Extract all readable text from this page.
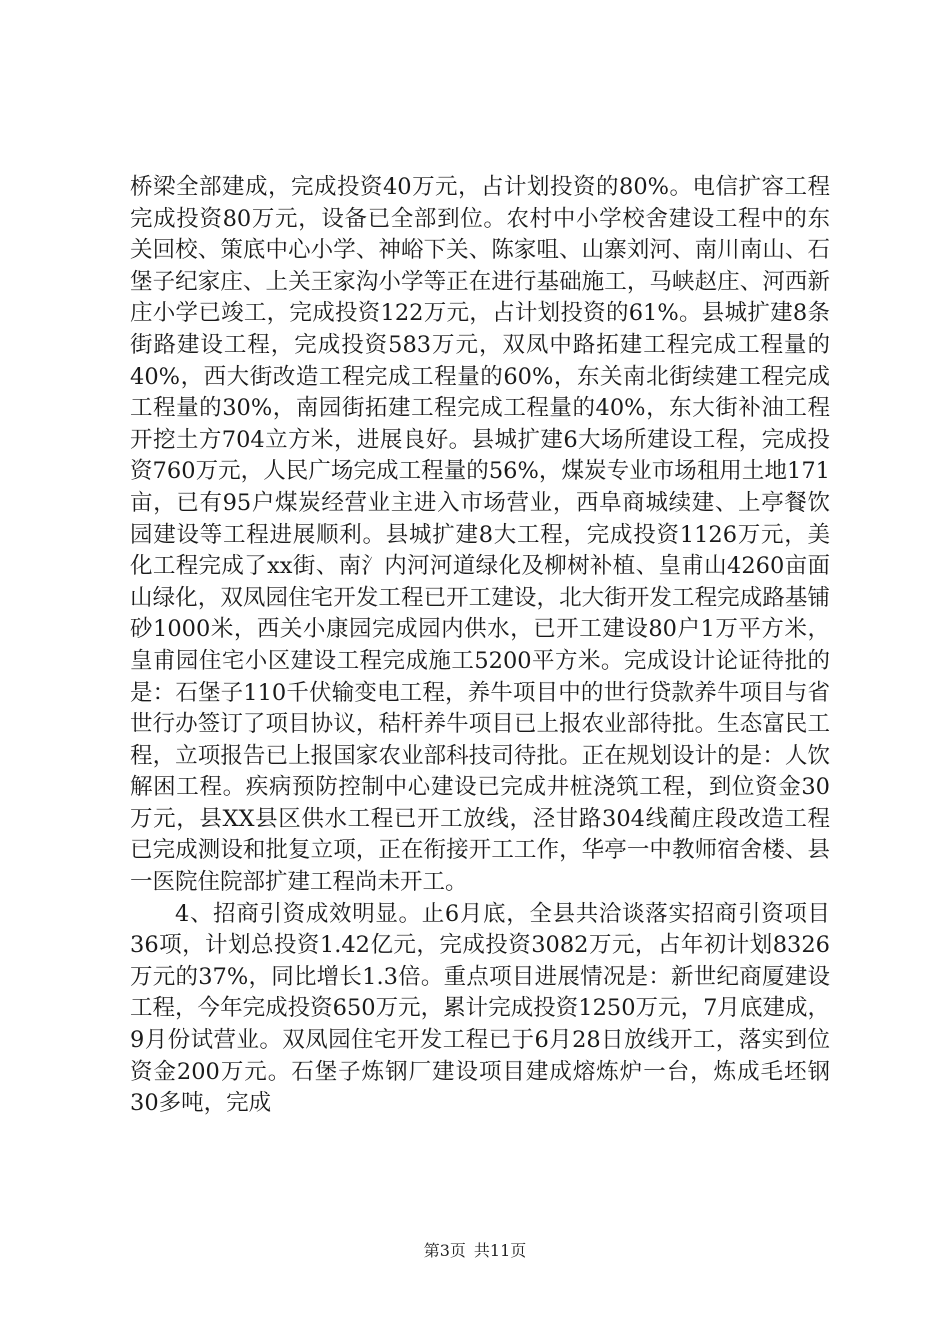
桥梁全部建成，完成投资40万元，占计划投资的80%。电信扩容工程完成投资80万元，设备已全部到位。农村中小学校舍建设工程中的东关回校、策底中心小学、神峪下关、陈家咀、山寨刘河、南川南山、石堡子纪家庄、上关王家沟小学等正在进行基础施工，马峡赵庄、河西新庄小学已竣工，完成投资122万元，占计划投资的61%。县城扩建8条街路建设工程，完成投资583万元，双凤中路拓建工程完成工程量的40%，西大街改造工程完成工程量的60%，东关南北街续建工程完成工程量的30%，南园街拓建工程完成工程量的40%，东大街补油工程开挖土方704立方米，进展良好。县城扩建6大场所建设工程，完成投资760万元，人民广场完成工程量的56%，煤炭专业市场租用土地171亩，已有95户煤炭经营业主进入市场营业，西阜商城续建、上亭餐饮园建设等工程进展顺利。县城扩建8大工程，完成投资1126万元，美化工程完成了xx街、南氵内河河道绿化及柳树补植、皇甫山4260亩面山绿化，双凤园住宅开发工程已开工建设，北大街开发工程完成路基铺砂1000米，西关小康园完成园内供水，已开工建设80户1万平方米，皇甫园住宅小区建设工程完成施工5200平方米。完成设计论证待批的是：石堡子110千伏输变电工程，养牛项目中的世行贷款养牛项目与省世行办签订了项目协议，秸杆养牛项目已上报农业部待批。生态富民工程，立项报告已上报国家农业部科技司待批。正在规划设计的是：人饮解困工程。疾病预防控制中心建设已完成井桩浇筑工程，到位资金30万元，县XX县区供水工程已开工放线，泾甘路304线蔺庄段改造工程已完成测设和批复立项，正在衔接开工工作，华亭一中教师宿舍楼、县一医院住院部扩建工程尚未开工。

4、招商引资成效明显。止6月底，全县共洽谈落实招商引资项目36项，计划总投资1.42亿元，完成投资3082万元，占年初计划8326万元的37%，同比增长1.3倍。重点项目进展情况是：新世纪商厦建设工程，今年完成投资650万元，累计完成投资1250万元，7月底建成，9月份试营业。双凤园住宅开发工程已于6月28日放线开工，落实到位资金200万元。石堡子炼钢厂建设项目建成熔炼炉一台，炼成毛坯钢30多吨，完成

第3页 共11页
